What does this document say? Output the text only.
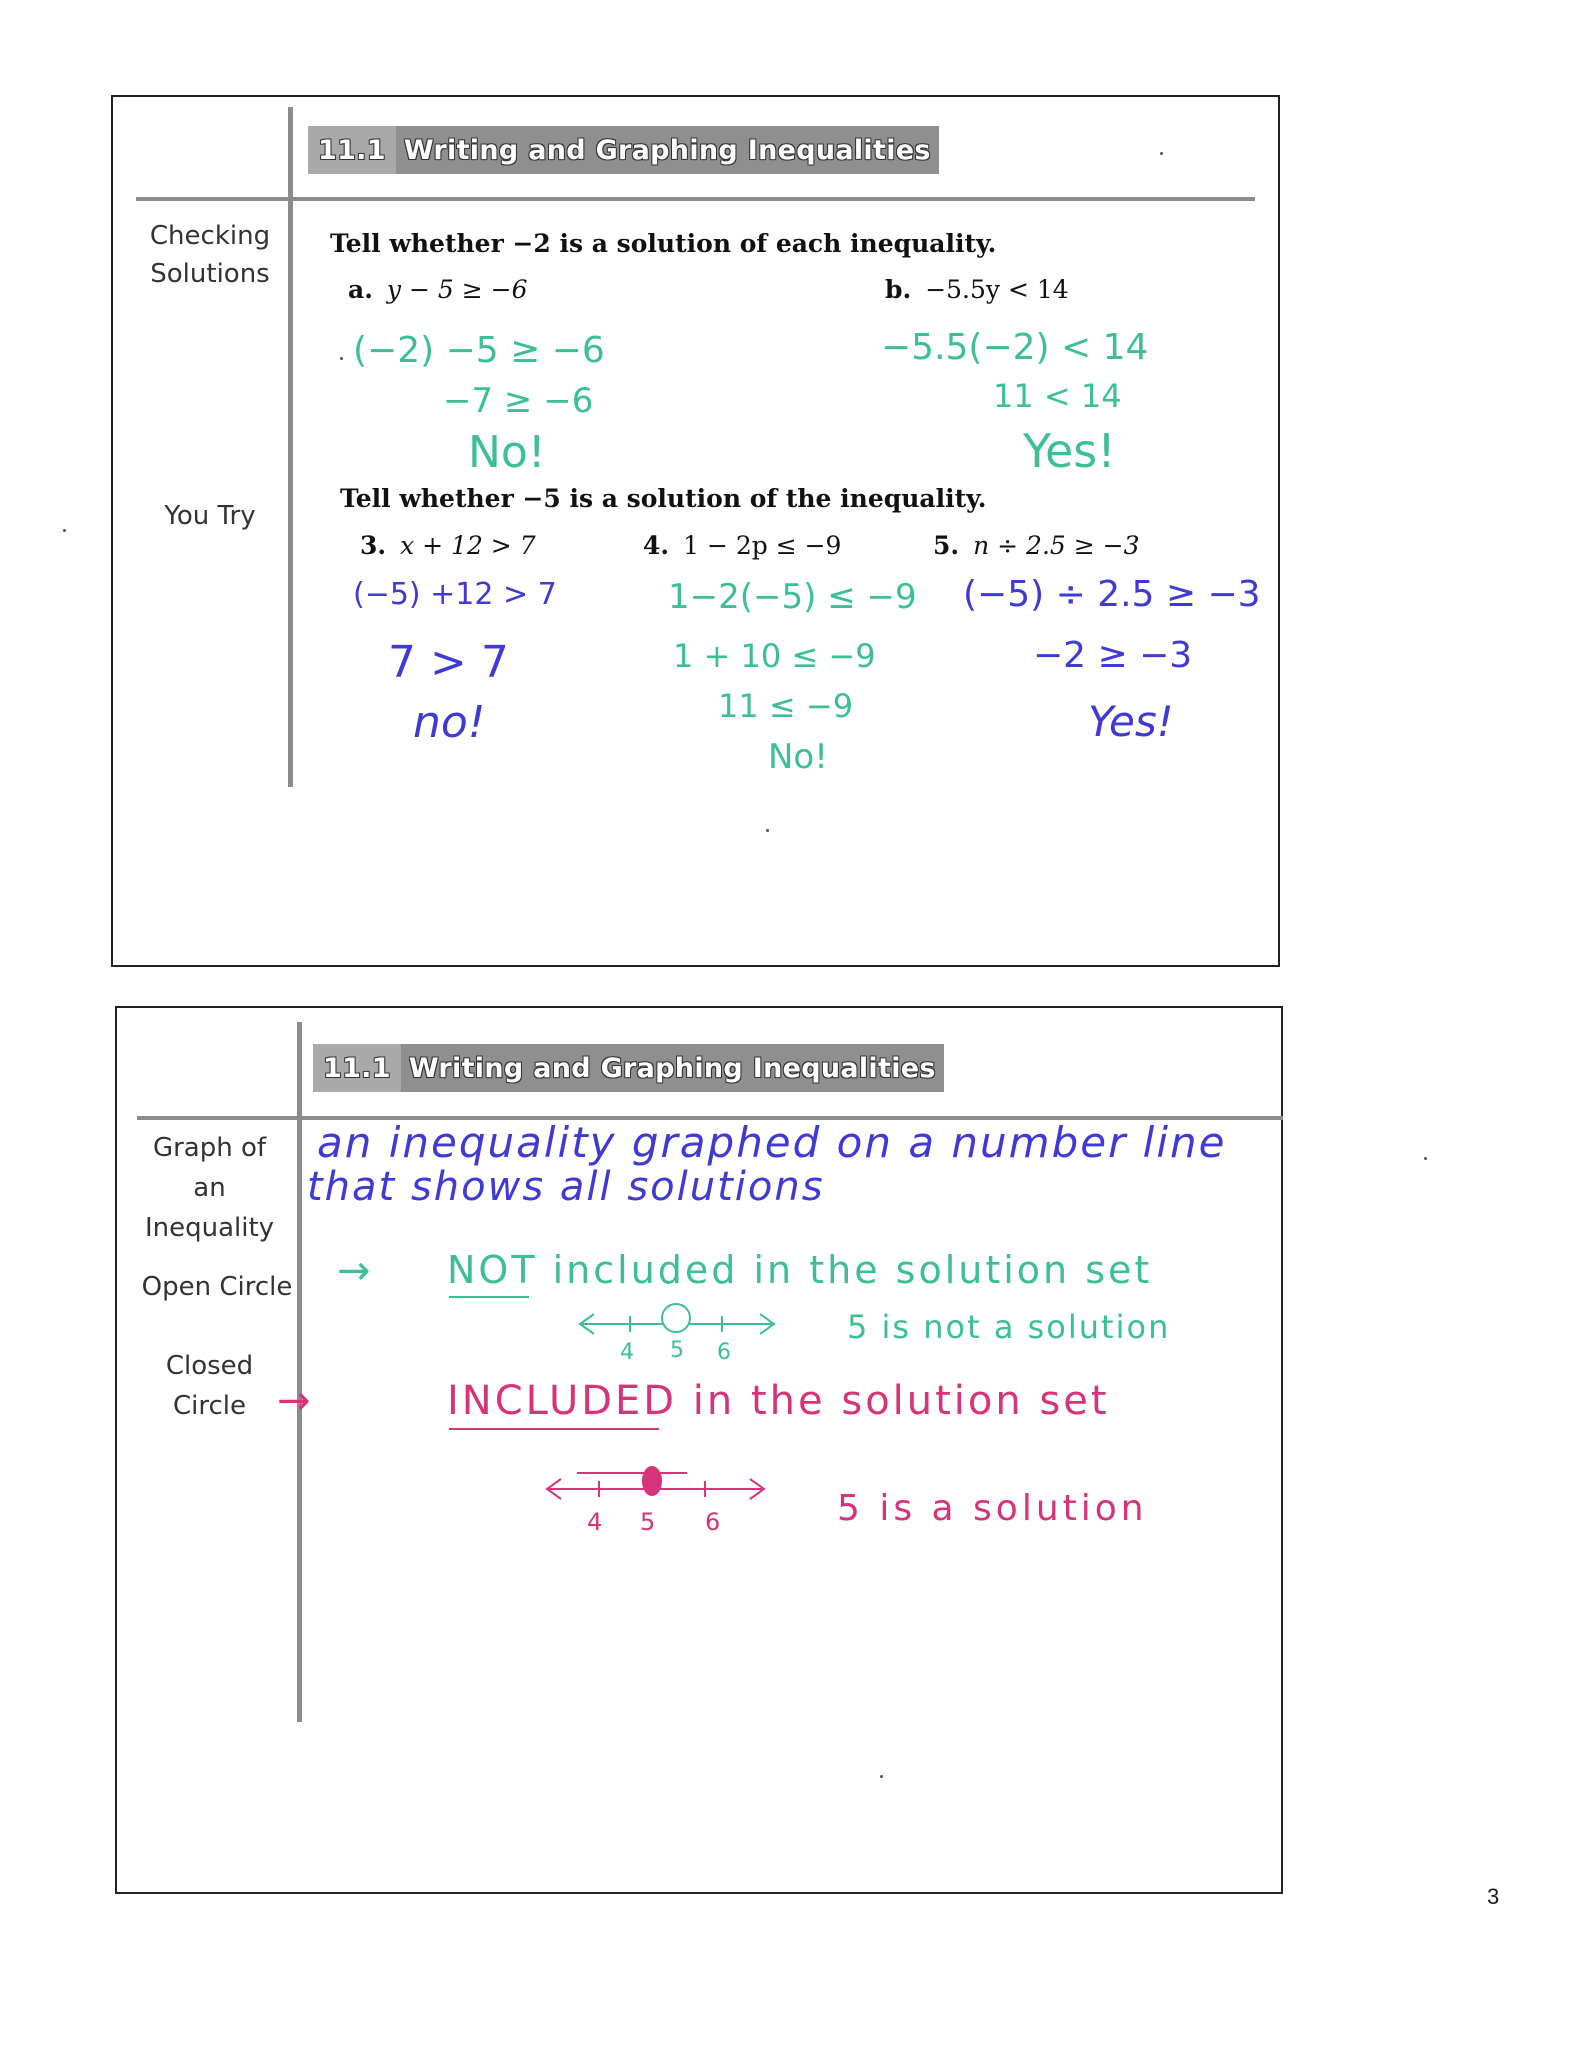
11.1 Writing and Graphing Inequalities
Checking
Solutions
You Try
Tell whether −2 is a solution of each inequality.
a. y − 5 ≥ −6	b. −5.5y < 14
(−2) −5 ≥ −6
−7 ≥ −6
No!
−5.5(−2) < 14
11 < 14
Yes!
Tell whether −5 is a solution of the inequality.
3. x + 12 > 7	4. 1 − 2p ≤ −9	5. n ÷ 2.5 ≥ −3
(−5) +12 > 7
7 > 7
no!
1−2(−5) ≤ −9
1 + 10 ≤ −9
11 ≤ −9
No!
(−5) ÷ 2.5 ≥ −3
−2 ≥ −3
Yes!
11.1 Writing and Graphing Inequalities
Graph of
an
Inequality
Open Circle
Closed
Circle
an inequality graphed on a number line
that shows all solutions
→ NOT included in the solution set
4 5 6
5 is not a solution
→	INCLUDED in the solution set
4 5 6	5 is a solution
3
